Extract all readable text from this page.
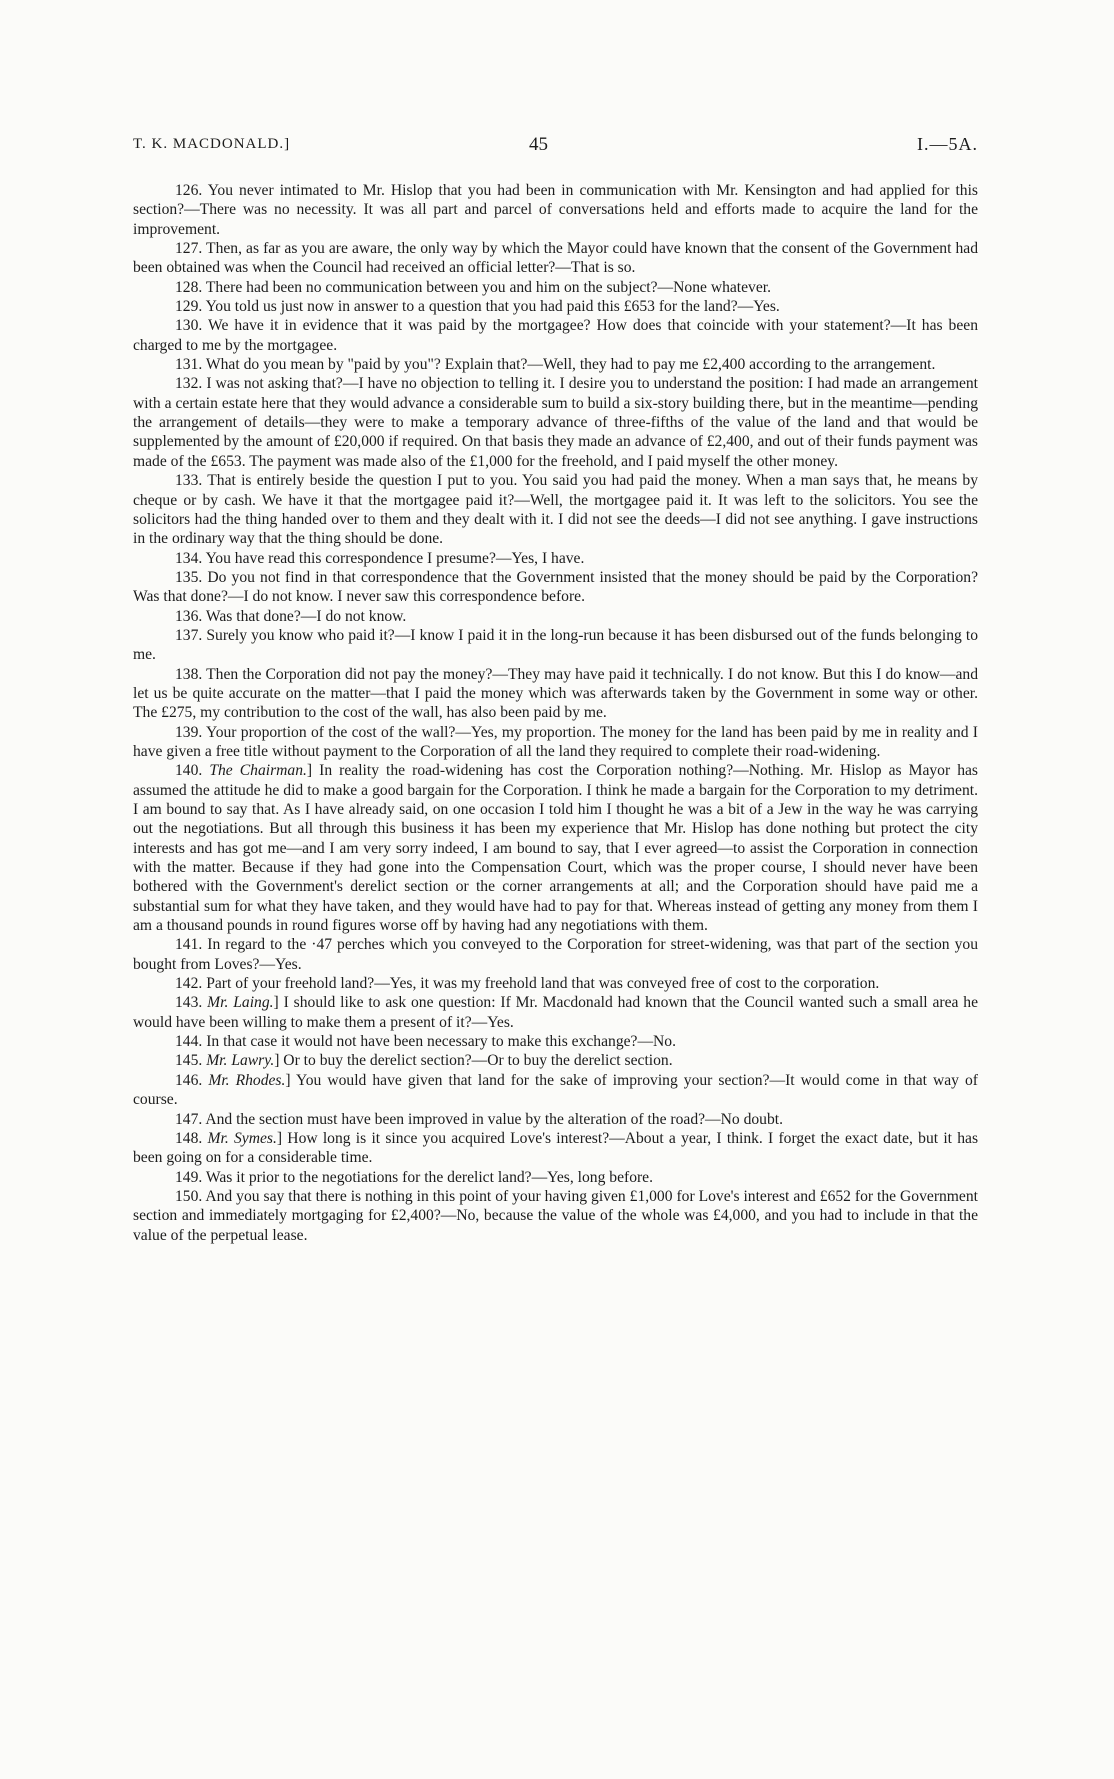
T. K. MACDONALD.]	45	I.—5A.

126. You never intimated to Mr. Hislop that you had been in communication with Mr. Kensington and had applied for this section?—There was no necessity. It was all part and parcel of conversations held and efforts made to acquire the land for the improvement.

127. Then, as far as you are aware, the only way by which the Mayor could have known that the consent of the Government had been obtained was when the Council had received an official letter?—That is so.

128. There had been no communication between you and him on the subject?—None whatever.

129. You told us just now in answer to a question that you had paid this £653 for the land?—Yes.

130. We have it in evidence that it was paid by the mortgagee? How does that coincide with your statement?—It has been charged to me by the mortgagee.

131. What do you mean by "paid by you"? Explain that?—Well, they had to pay me £2,400 according to the arrangement.

132. I was not asking that?—I have no objection to telling it. I desire you to understand the position: I had made an arrangement with a certain estate here that they would advance a considerable sum to build a six-story building there, but in the meantime—pending the arrangement of details—they were to make a temporary advance of three-fifths of the value of the land and that would be supplemented by the amount of £20,000 if required. On that basis they made an advance of £2,400, and out of their funds payment was made of the £653. The payment was made also of the £1,000 for the freehold, and I paid myself the other money.

133. That is entirely beside the question I put to you. You said you had paid the money. When a man says that, he means by cheque or by cash. We have it that the mortgagee paid it?—Well, the mortgagee paid it. It was left to the solicitors. You see the solicitors had the thing handed over to them and they dealt with it. I did not see the deeds—I did not see anything. I gave instructions in the ordinary way that the thing should be done.

134. You have read this correspondence I presume?—Yes, I have.

135. Do you not find in that correspondence that the Government insisted that the money should be paid by the Corporation? Was that done?—I do not know. I never saw this correspondence before.

136. Was that done?—I do not know.

137. Surely you know who paid it?—I know I paid it in the long-run because it has been disbursed out of the funds belonging to me.

138. Then the Corporation did not pay the money?—They may have paid it technically. I do not know. But this I do know—and let us be quite accurate on the matter—that I paid the money which was afterwards taken by the Government in some way or other. The £275, my contribution to the cost of the wall, has also been paid by me.

139. Your proportion of the cost of the wall?—Yes, my proportion. The money for the land has been paid by me in reality and I have given a free title without payment to the Corporation of all the land they required to complete their road-widening.

140. The Chairman.] In reality the road-widening has cost the Corporation nothing?—Nothing. Mr. Hislop as Mayor has assumed the attitude he did to make a good bargain for the Corporation. I think he made a bargain for the Corporation to my detriment. I am bound to say that. As I have already said, on one occasion I told him I thought he was a bit of a Jew in the way he was carrying out the negotiations. But all through this business it has been my experience that Mr. Hislop has done nothing but protect the city interests and has got me—and I am very sorry indeed, I am bound to say, that I ever agreed—to assist the Corporation in connection with the matter. Because if they had gone into the Compensation Court, which was the proper course, I should never have been bothered with the Government's derelict section or the corner arrangements at all; and the Corporation should have paid me a substantial sum for what they have taken, and they would have had to pay for that. Whereas instead of getting any money from them I am a thousand pounds in round figures worse off by having had any negotiations with them.

141. In regard to the ·47 perches which you conveyed to the Corporation for street-widening, was that part of the section you bought from Loves?—Yes.

142. Part of your freehold land?—Yes, it was my freehold land that was conveyed free of cost to the corporation.

143. Mr. Laing.] I should like to ask one question: If Mr. Macdonald had known that the Council wanted such a small area he would have been willing to make them a present of it?—Yes.

144. In that case it would not have been necessary to make this exchange?—No.

145. Mr. Lawry.] Or to buy the derelict section?—Or to buy the derelict section.

146. Mr. Rhodes.] You would have given that land for the sake of improving your section?—It would come in that way of course.

147. And the section must have been improved in value by the alteration of the road?—No doubt.

148. Mr. Symes.] How long is it since you acquired Love's interest?—About a year, I think. I forget the exact date, but it has been going on for a considerable time.

149. Was it prior to the negotiations for the derelict land?—Yes, long before.

150. And you say that there is nothing in this point of your having given £1,000 for Love's interest and £652 for the Government section and immediately mortgaging for £2,400?—No, because the value of the whole was £4,000, and you had to include in that the value of the perpetual lease.
